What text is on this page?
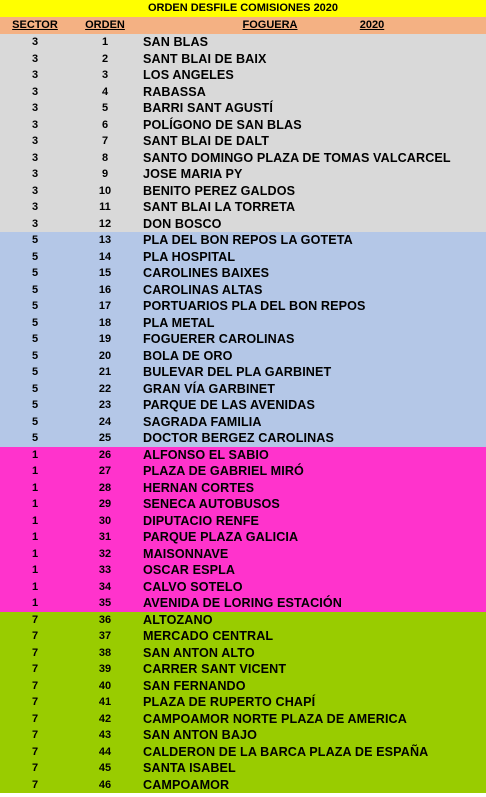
ORDEN DESFILE COMISIONES 2020
SECTOR	ORDEN	FOGUERA	2020
3	1	SAN BLAS
3	2	SANT BLAI DE BAIX
3	3	LOS ANGELES
3	4	RABASSA
3	5	BARRI SANT AGUSTÍ
3	6	POLÍGONO DE SAN BLAS
3	7	SANT BLAI DE DALT
3	8	SANTO DOMINGO PLAZA DE TOMAS VALCARCEL
3	9	JOSE MARIA PY
3	10	BENITO PEREZ GALDOS
3	11	SANT BLAI LA TORRETA
3	12	DON BOSCO
5	13	PLA DEL BON REPOS LA GOTETA
5	14	PLA HOSPITAL
5	15	CAROLINES BAIXES
5	16	CAROLINAS ALTAS
5	17	PORTUARIOS PLA DEL BON REPOS
5	18	PLA METAL
5	19	FOGUERER CAROLINAS
5	20	BOLA DE ORO
5	21	BULEVAR DEL PLA GARBINET
5	22	GRAN VÍA GARBINET
5	23	PARQUE DE LAS AVENIDAS
5	24	SAGRADA FAMILIA
5	25	DOCTOR BERGEZ CAROLINAS
1	26	ALFONSO EL SABIO
1	27	PLAZA DE GABRIEL MIRÓ
1	28	HERNAN CORTES
1	29	SENECA AUTOBUSOS
1	30	DIPUTACIO RENFE
1	31	PARQUE PLAZA GALICIA
1	32	MAISONNAVE
1	33	OSCAR ESPLA
1	34	CALVO SOTELO
1	35	AVENIDA DE LORING ESTACIÓN
7	36	ALTOZANO
7	37	MERCADO CENTRAL
7	38	SAN ANTON ALTO
7	39	CARRER SANT VICENT
7	40	SAN FERNANDO
7	41	PLAZA DE RUPERTO CHAPÍ
7	42	CAMPOAMOR NORTE PLAZA DE AMERICA
7	43	SAN ANTON BAJO
7	44	CALDERON DE LA BARCA PLAZA DE ESPAÑA
7	45	SANTA ISABEL
7	46	CAMPOAMOR
